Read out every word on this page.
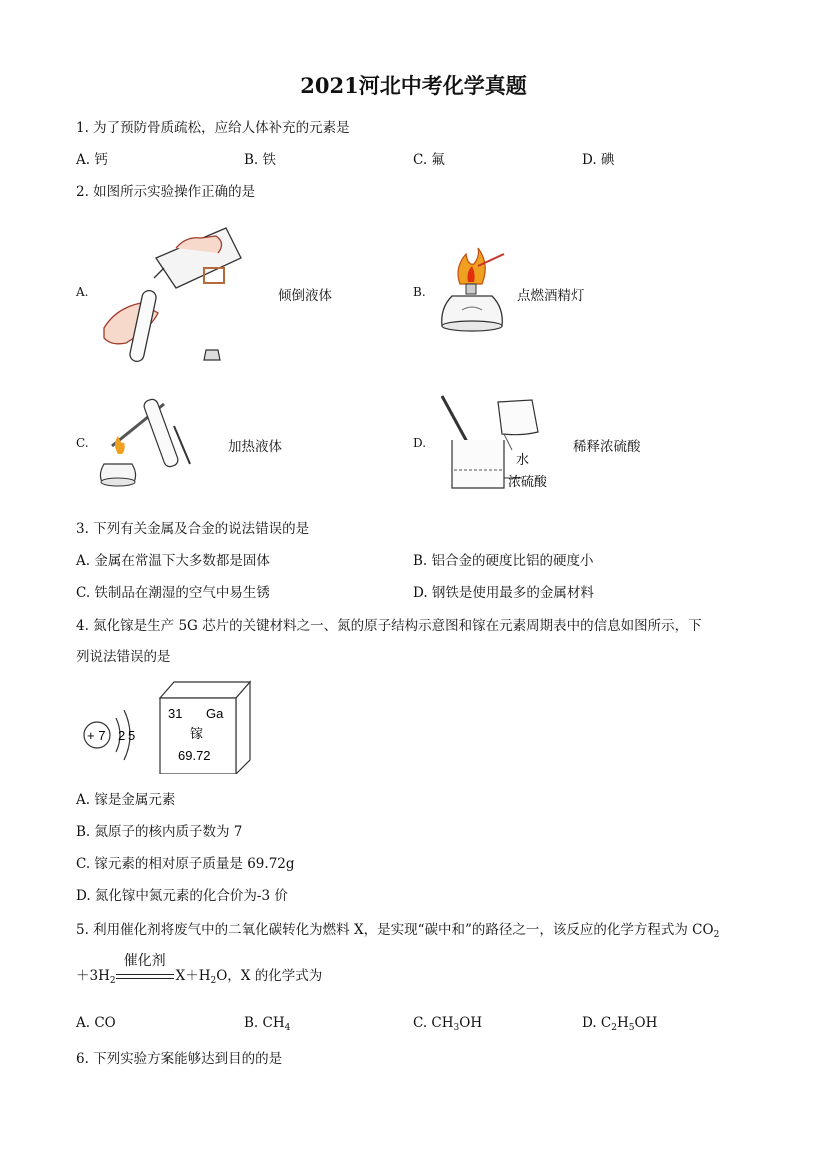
2021河北中考化学真题
1. 为了预防骨质疏松，应给人体补充的元素是
A. 钙	B. 铁	C. 氟	D. 碘
2. 如图所示实验操作正确的是
A.	倾倒液体	B.	点燃酒精灯
C.	加热液体	D.
水
浓硫酸
稀释浓硫酸
3. 下列有关金属及合金的说法错误的是
A. 金属在常温下大多数都是固体	B. 铝合金的硬度比铝的硬度小
C. 铁制品在潮湿的空气中易生锈	D. 钢铁是使用最多的金属材料
4. 氮化镓是生产 5G 芯片的关键材料之一、氮的原子结构示意图和镓在元素周期表中的信息如图所示，下
列说法错误的是
+ 7 2 5
31 Ga
镓
69.72
A. 镓是金属元素
B. 氮原子的核内质子数为 7
C. 镓元素的相对原子质量是 69.72g
D. 氮化镓中氮元素的化合价为-3 价
5. 利用催化剂将废气中的二氧化碳转化为燃料 X，是实现“碳中和”的路径之一，该反应的化学方程式为 $CO_2$
$+3H_2$
催化剂
$X+H_2O$，X 的化学式为
A. CO	B. $CH_4$	C. $CH_3OH$	D. $C_2H_5OH$
6. 下列实验方案能够达到目的的是
